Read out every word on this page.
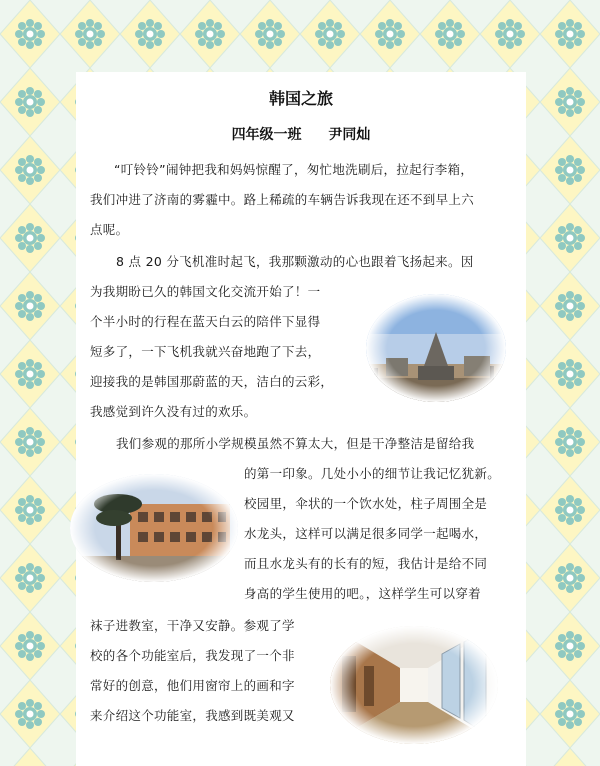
韩国之旅
四年级一班 尹同灿
“叮铃铃”闹钟把我和妈妈惊醒了，匆忙地洗刷后，拉起行李箱，
我们冲进了济南的雾霾中。路上稀疏的车辆告诉我现在还不到早上六
点呢。
8 点 20 分飞机准时起飞，我那颗激动的心也跟着飞扬起来。因
为我期盼已久的韩国文化交流开始了！一
个半小时的行程在蓝天白云的陪伴下显得
短多了，一下飞机我就兴奋地跑了下去，
迎接我的是韩国那蔚蓝的天，洁白的云彩，
我感觉到许久没有过的欢乐。
我们参观的那所小学规模虽然不算太大，但是干净整洁是留给我
的第一印象。几处小小的细节让我记忆犹新。
校园里，伞状的一个饮水处，柱子周围全是
水龙头，这样可以满足很多同学一起喝水，
而且水龙头有的长有的短，我估计是给不同
身高的学生使用的吧。，这样学生可以穿着
袜子进教室，干净又安静。参观了学
校的各个功能室后，我发现了一个非
常好的创意，他们用窗帘上的画和字
来介绍这个功能室，我感到既美观又
